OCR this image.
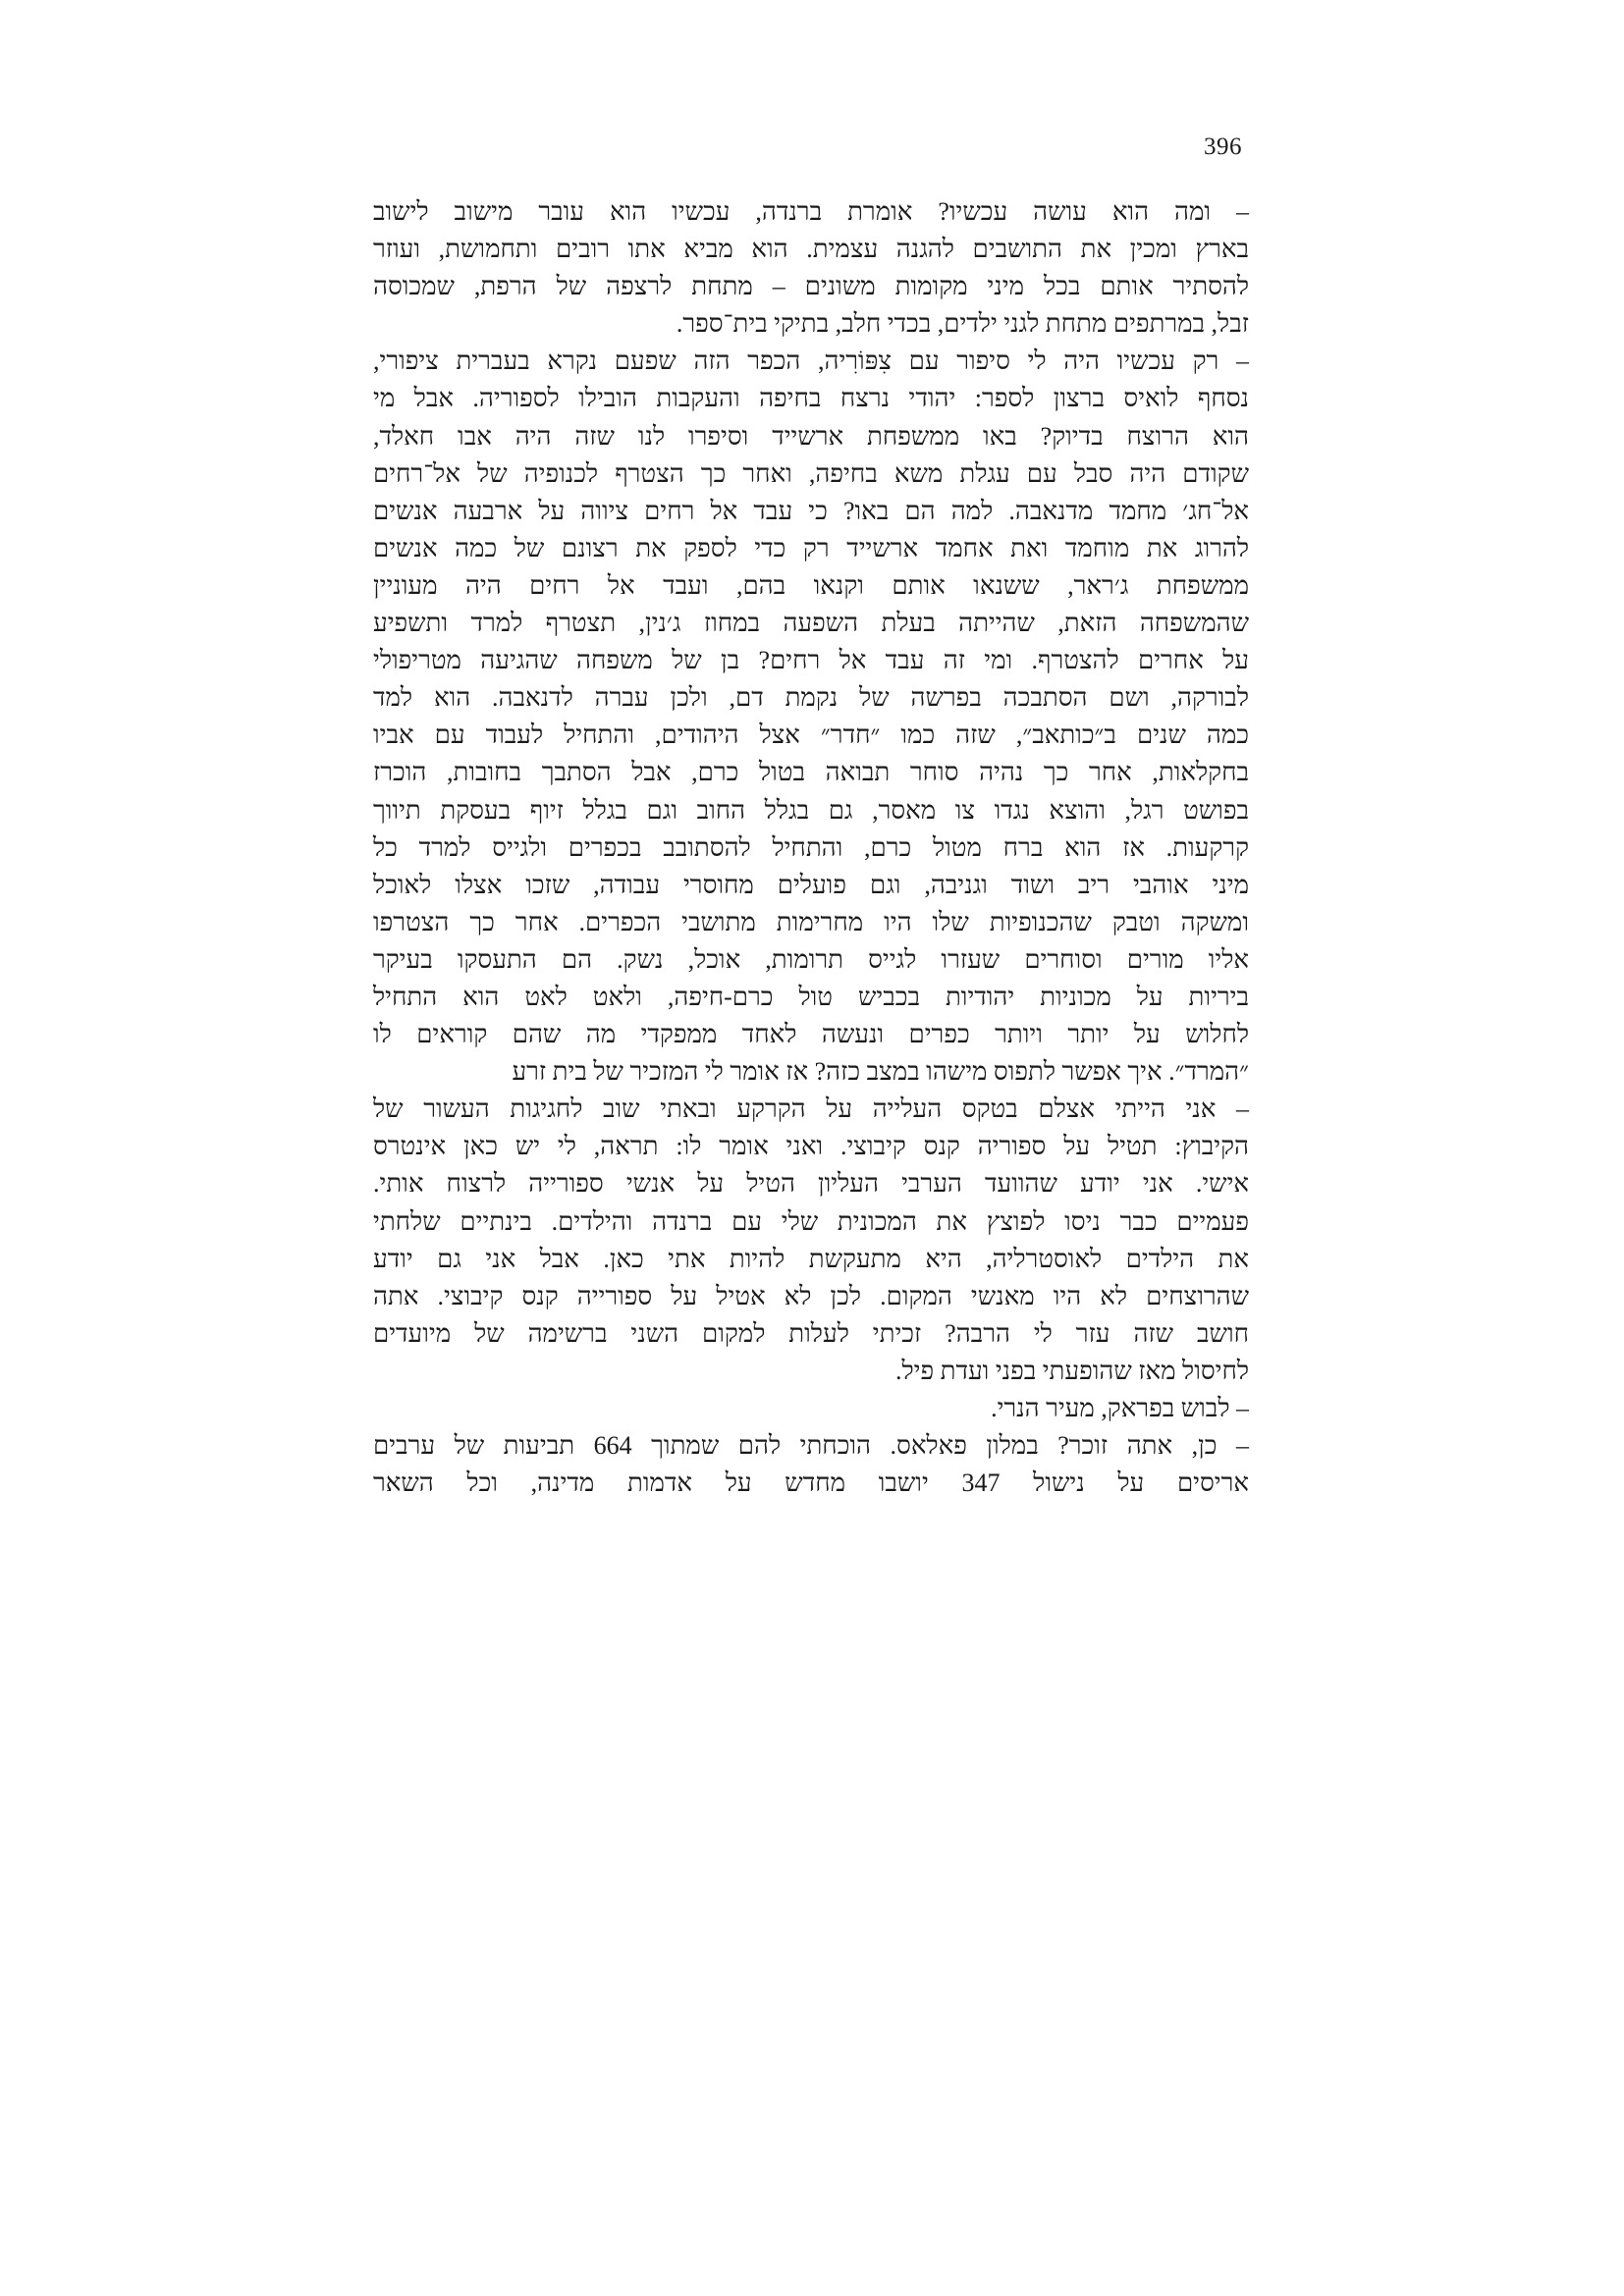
396
– ומה הוא עושה עכשיו? אומרת ברנדה, עכשיו הוא עובר מישוב לישוב
בארץ ומכין את התושבים להגנה עצמית. הוא מביא אתו רובים ותחמושת, ועוזר
להסתיר אותם בכל מיני מקומות משונים – מתחת לרצפה של הרפת, שמכוסה
זבל, במרתפים מתחת לגני ילדים, בכדי חלב, בתיקי בית־ספר.
– רק עכשיו היה לי סיפור עם צִפּוֹרִיה, הכפר הזה שפעם נקרא בעברית ציפורי,
נסחף לואיס ברצון לספר: יהודי נרצח בחיפה והעקבות הובילו לספוריה. אבל מי
הוא הרוצח בדיוק? באו ממשפחת ארשייד וסיפרו לנו שזה היה אבו חאלד,
שקודם היה סבל עם עגלת משא בחיפה, ואחר כך הצטרף לכנופיה של אל־רחים
אל־חג׳ מחמד מדנאבה. למה הם באו? כי עבד אל רחים ציווה על ארבעה אנשים
להרוג את מוחמד ואת אחמד ארשייד רק כדי לספק את רצונם של כמה אנשים
ממשפחת ג׳ראר, ששנאו אותם וקנאו בהם, ועבד אל רחים היה מעוניין
שהמשפחה הזאת, שהייתה בעלת השפעה במחוז ג׳נין, תצטרף למרד ותשפיע
על אחרים להצטרף. ומי זה עבד אל רחים? בן של משפחה שהגיעה מטריפולי
לבורקה, ושם הסתבכה בפרשה של נקמת דם, ולכן עברה לדנאבה. הוא למד
כמה שנים ב״כותאב״, שזה כמו ״חדר״ אצל היהודים, והתחיל לעבוד עם אביו
בחקלאות, אחר כך נהיה סוחר תבואה בטול כרם, אבל הסתבך בחובות, הוכרז
בפושט רגל, והוצא נגדו צו מאסר, גם בגלל החוב וגם בגלל זיוף בעסקת תיווך
קרקעות. אז הוא ברח מטול כרם, והתחיל להסתובב בכפרים ולגייס למרד כל
מיני אוהבי ריב ושוד וגניבה, וגם פועלים מחוסרי עבודה, שזכו אצלו לאוכל
ומשקה וטבק שהכנופיות שלו היו מחרימות מתושבי הכפרים. אחר כך הצטרפו
אליו מורים וסוחרים שעזרו לגייס תרומות, אוכל, נשק. הם התעסקו בעיקר
ביריות על מכוניות יהודיות בכביש טול כרם-חיפה, ולאט לאט הוא התחיל
לחלוש על יותר ויותר כפרים ונעשה לאחד ממפקדי מה שהם קוראים לו
״המרד״. איך אפשר לתפוס מישהו במצב כזה? אז אומר לי המזכיר של בית זרע
– אני הייתי אצלם בטקס העלייה על הקרקע ובאתי שוב לחגיגות העשור של
הקיבוץ: תטיל על ספוריה קנס קיבוצי. ואני אומר לו: תראה, לי יש כאן אינטרס
אישי. אני יודע שהוועד הערבי העליון הטיל על אנשי ספורייה לרצוח אותי.
פעמיים כבר ניסו לפוצץ את המכונית שלי עם ברנדה והילדים. בינתיים שלחתי
את הילדים לאוסטרליה, היא מתעקשת להיות אתי כאן. אבל אני גם יודע
שהרוצחים לא היו מאנשי המקום. לכן לא אטיל על ספורייה קנס קיבוצי. אתה
חושב שזה עזר לי הרבה? זכיתי לעלות למקום השני ברשימה של מיועדים
לחיסול מאז שהופעתי בפני ועדת פיל.
– לבוש בפראק, מעיר הנרי.
– כן, אתה זוכר? במלון פאלאס. הוכחתי להם שמתוך 664 תביעות של ערבים
אריסים על נישול 347 יושבו מחדש על אדמות מדינה, וכל השאר
